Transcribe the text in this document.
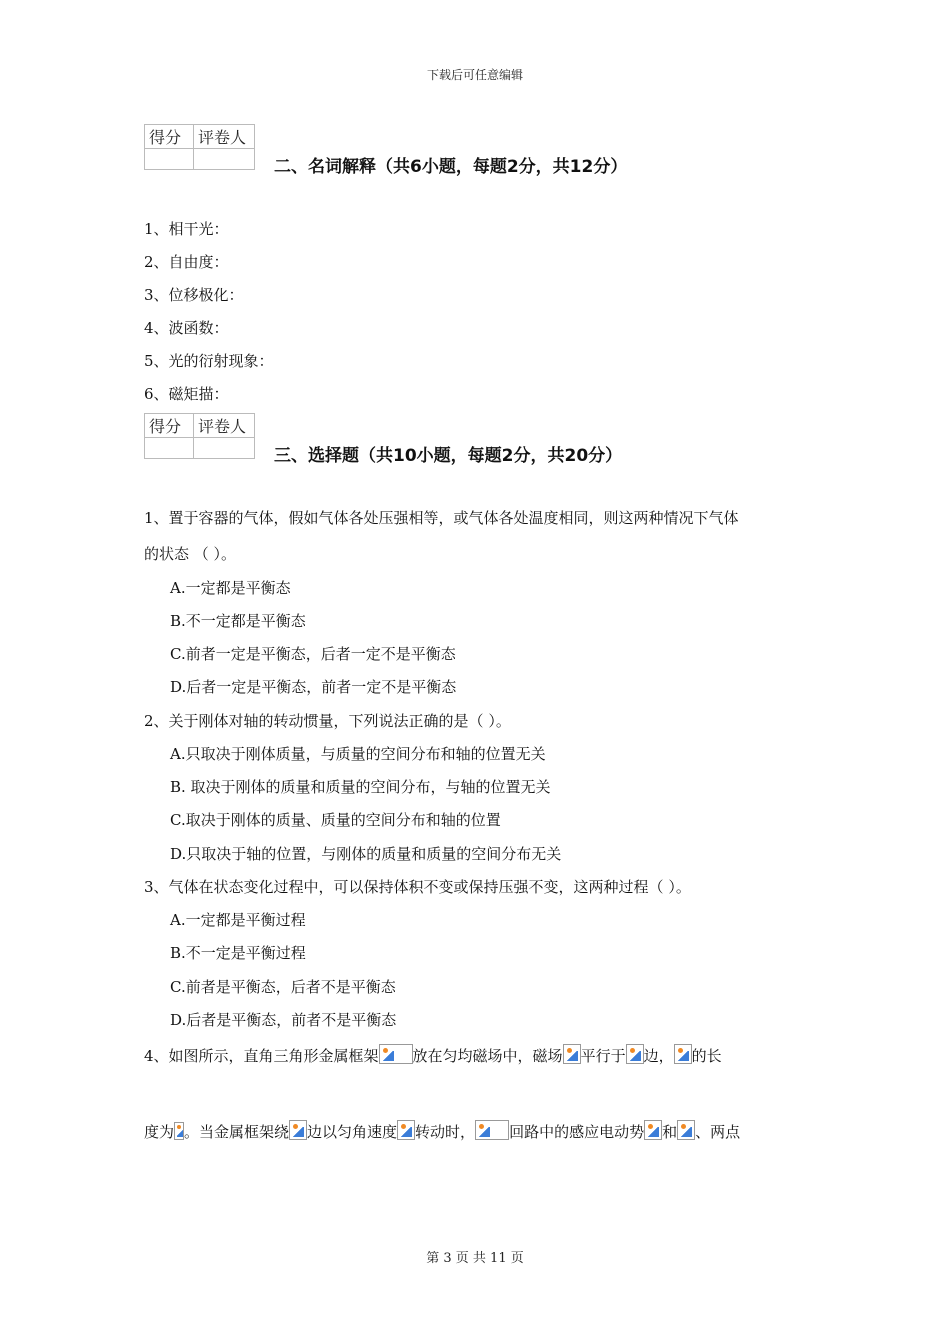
下载后可任意编辑
得分	评卷人

二、名词解释（共6小题，每题2分，共12分）
1、相干光：
2、自由度：
3、位移极化：
4、波函数：
5、光的衍射现象：
6、磁矩描：
得分	评卷人

三、选择题（共10小题，每题2分，共20分）
1、置于容器的气体，假如气体各处压强相等，或气体各处温度相同，则这两种情况下气体
的状态 （ ）。
A.一定都是平衡态
B.不一定都是平衡态
C.前者一定是平衡态，后者一定不是平衡态
D.后者一定是平衡态，前者一定不是平衡态
2、关于刚体对轴的转动惯量，下列说法正确的是（ ）。
A.只取决于刚体质量，与质量的空间分布和轴的位置无关
B. 取决于刚体的质量和质量的空间分布，与轴的位置无关
C.取决于刚体的质量、质量的空间分布和轴的位置
D.只取决于轴的位置，与刚体的质量和质量的空间分布无关
3、气体在状态变化过程中，可以保持体积不变或保持压强不变，这两种过程（ ）。
A.一定都是平衡过程
B.不一定是平衡过程
C.前者是平衡态，后者不是平衡态
D.后者是平衡态，前者不是平衡态
4、如图所示，直角三角形金属框架 放在匀均磁场中，磁场 平行于 边， 的长
度为 。当金属框架绕 边以匀角速度 转动时， 回路中的感应电动势 和 、两点
第 3 页 共 11 页
